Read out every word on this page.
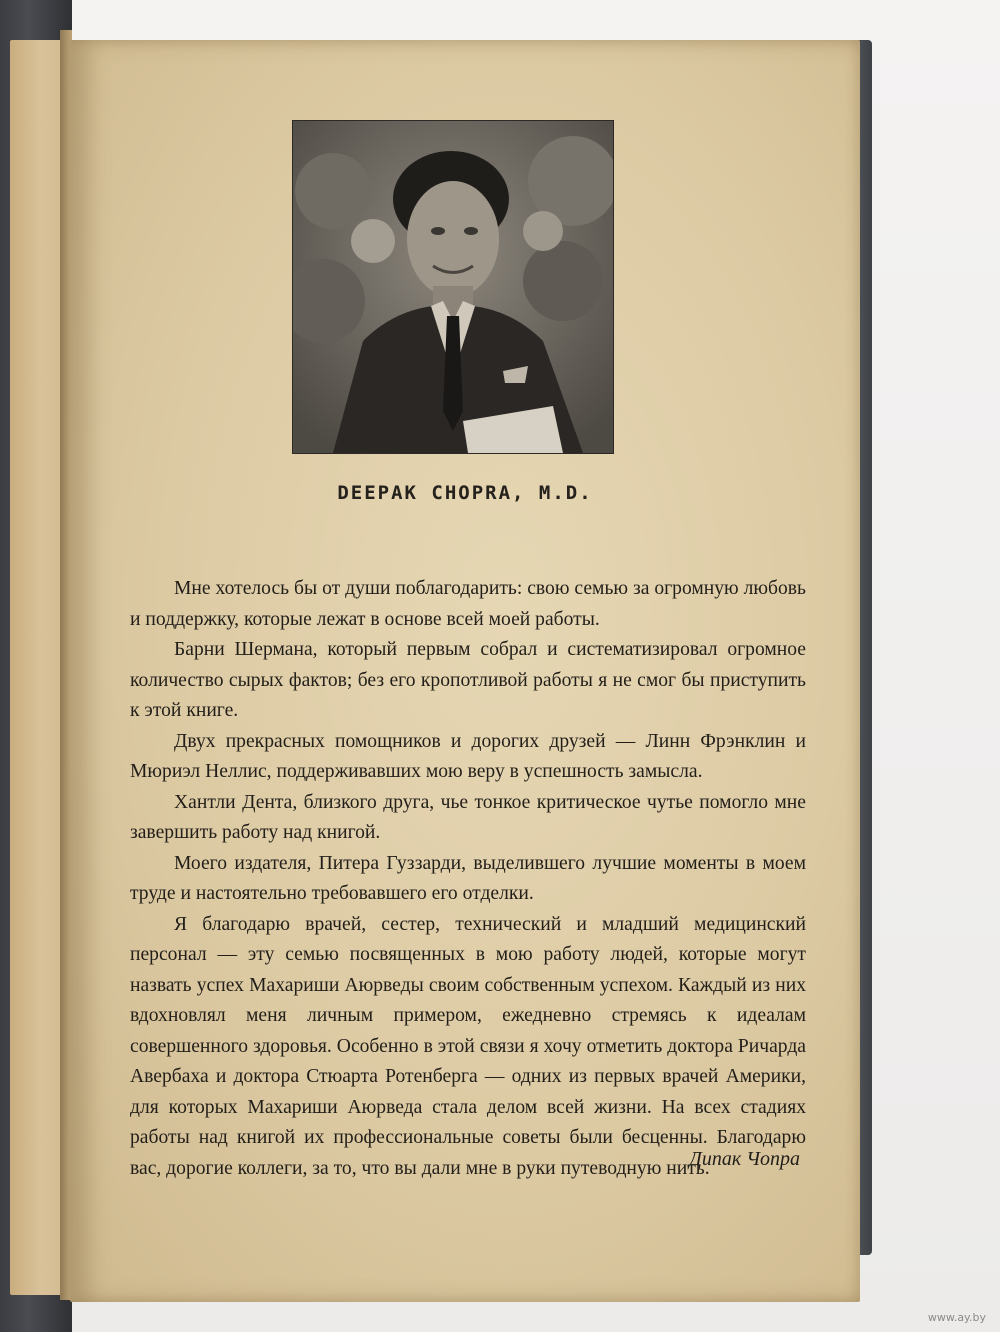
DEEPAK CHOPRA, M.D.

Мне хотелось бы от души поблагодарить: свою семью за огромную любовь и поддержку, которые лежат в основе всей моей работы.

Барни Шермана, который первым собрал и систематизировал огромное количество сырых фактов; без его кропотливой работы я не смог бы приступить к этой книге.

Двух прекрасных помощников и дорогих друзей — Линн Фрэнклин и Мюриэл Неллис, поддерживавших мою веру в успешность замысла.

Хантли Дента, близкого друга, чье тонкое критическое чутье помогло мне завершить работу над книгой.

Моего издателя, Питера Гуззарди, выделившего лучшие моменты в моем труде и настоятельно требовавшего его отделки.

Я благодарю врачей, сестер, технический и младший медицинский персонал — эту семью посвященных в мою работу людей, которые могут назвать успех Махариши Аюрведы своим собственным успехом. Каждый из них вдохновлял меня личным примером, ежедневно стремясь к идеалам совершенного здоровья. Особенно в этой связи я хочу отметить доктора Ричарда Авербаха и доктора Стюарта Ротенберга — одних из первых врачей Америки, для которых Махариши Аюрведа стала делом всей жизни. На всех стадиях работы над книгой их профессиональные советы были бесценны. Благодарю вас, дорогие коллеги, за то, что вы дали мне в руки путеводную нить.

Дипак Чопра
www.ay.by
